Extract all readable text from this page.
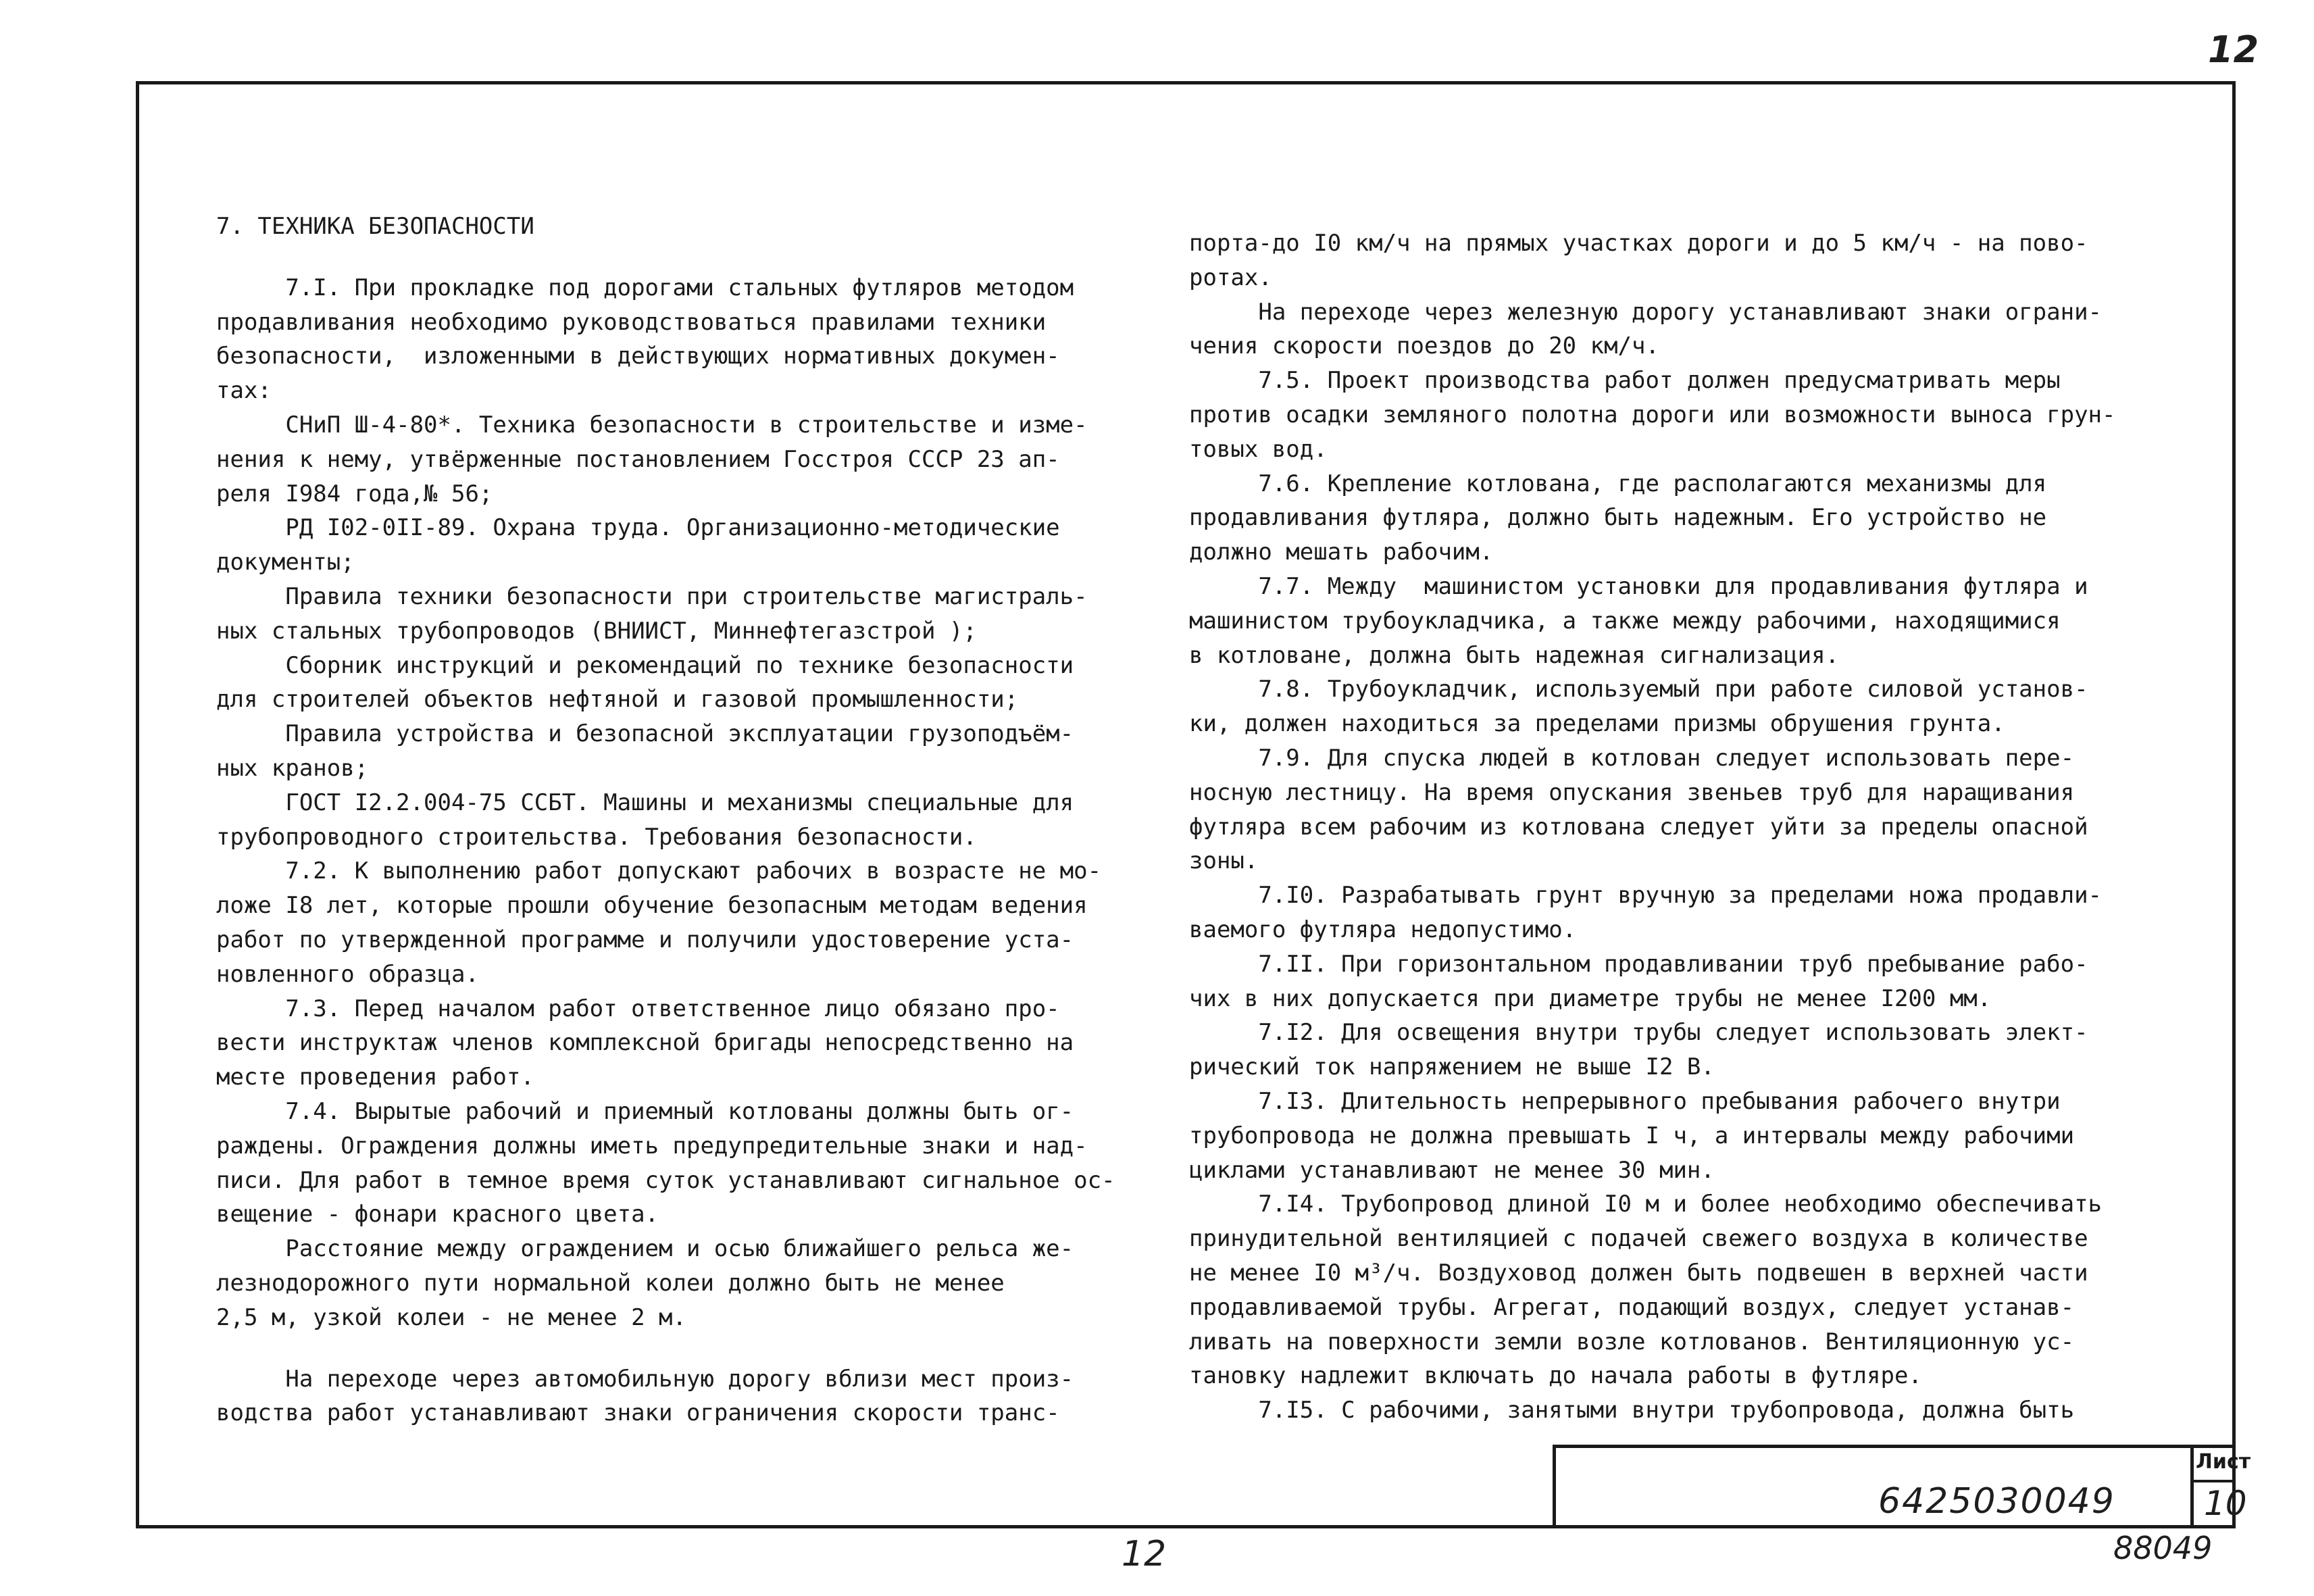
12
7. ТЕХНИКА БЕЗОПАСНОСТИ
7.I. При прокладке под дорогами стальных футляров методом
продавливания необходимо руководствоваться правилами техники
безопасности,  изложенными в действующих нормативных докумен-
тах:
СНиП Ш-4-80*. Техника безопасности в строительстве и изме-
нения к нему, утвёрженные постановлением Госстроя СССР 23 ап-
реля I984 года,№ 56;
РД I02-0II-89. Охрана труда. Организационно-методические
документы;
Правила техники безопасности при строительстве магистраль-
ных стальных трубопроводов (ВНИИСТ, Миннефтегазстрой );
Сборник инструкций и рекомендаций по технике безопасности
для строителей объектов нефтяной и газовой промышленности;
Правила устройства и безопасной эксплуатации грузоподъём-
ных кранов;
ГОСТ I2.2.004-75 ССБТ. Машины и механизмы специальные для
трубопроводного строительства. Требования безопасности.
7.2. К выполнению работ допускают рабочих в возрасте не мо-
ложе I8 лет, которые прошли обучение безопасным методам ведения
работ по утвержденной программе и получили удостоверение уста-
новленного образца.
7.3. Перед началом работ ответственное лицо обязано про-
вести инструктаж членов комплексной бригады непосредственно на
месте проведения работ.
7.4. Вырытые рабочий и приемный котлованы должны быть ог-
раждены. Ограждения должны иметь предупредительные знаки и над-
писи. Для работ в темное время суток устанавливают сигнальное ос-
вещение - фонари красного цвета.
Расстояние между ограждением и осью ближайшего рельса же-
лезнодорожного пути нормальной колеи должно быть не менее
2,5 м, узкой колеи - не менее 2 м.
На переходе через автомобильную дорогу вблизи мест произ-
водства работ устанавливают знаки ограничения скорости транс-
порта-до I0 км/ч на прямых участках дороги и до 5 км/ч - на пово-
ротах.
На переходе через железную дорогу устанавливают знаки ограни-
чения скорости поездов до 20 км/ч.
7.5. Проект производства работ должен предусматривать меры
против осадки земляного полотна дороги или возможности выноса грун-
товых вод.
7.6. Крепление котлована, где располагаются механизмы для
продавливания футляра, должно быть надежным. Его устройство не
должно мешать рабочим.
7.7. Между  машинистом установки для продавливания футляра и
машинистом трубоукладчика, а также между рабочими, находящимися
в котловане, должна быть надежная сигнализация.
7.8. Трубоукладчик, используемый при работе силовой установ-
ки, должен находиться за пределами призмы обрушения грунта.
7.9. Для спуска людей в котлован следует использовать пере-
носную лестницу. На время опускания звеньев труб для наращивания
футляра всем рабочим из котлована следует уйти за пределы опасной
зоны.
7.I0. Разрабатывать грунт вручную за пределами ножа продавли-
ваемого футляра недопустимо.
7.II. При горизонтальном продавливании труб пребывание рабо-
чих в них допускается при диаметре трубы не менее I200 мм.
7.I2. Для освещения внутри трубы следует использовать элект-
рический ток напряжением не выше I2 В.
7.I3. Длительность непрерывного пребывания рабочего внутри
трубопровода не должна превышать I ч, а интервалы между рабочими
циклами устанавливают не менее 30 мин.
7.I4. Трубопровод длиной I0 м и более необходимо обеспечивать
принудительной вентиляцией с подачей свежего воздуха в количестве
не менее I0 м³/ч. Воздуховод должен быть подвешен в верхней части
продавливаемой трубы. Агрегат, подающий воздух, следует устанав-
ливать на поверхности земли возле котлованов. Вентиляционную ус-
тановку надлежит включать до начала работы в футляре.
7.I5. С рабочими, занятыми внутри трубопровода, должна быть
Лист
10
6425030049
12	88049
